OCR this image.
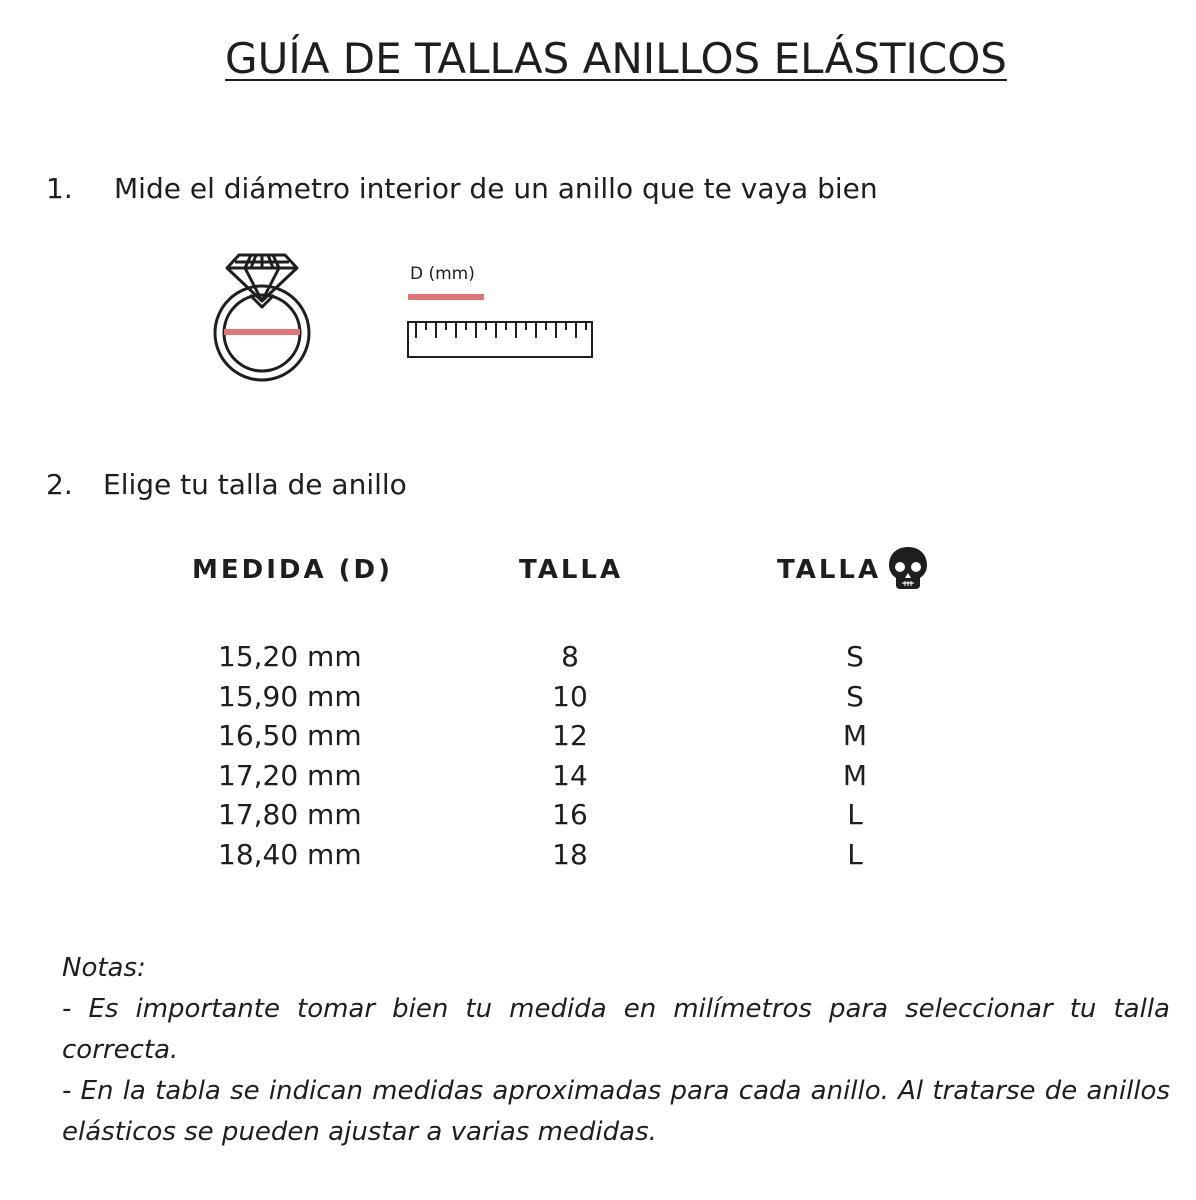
GUÍA DE TALLAS ANILLOS ELÁSTICOS
1. Mide el diámetro interior de un anillo que te vaya bien
D (mm)
2. Elige tu talla de anillo
MEDIDA (D)	TALLA	TALLA
15,20 mm	8	S
15,90 mm	10	S
16,50 mm	12	M
17,20 mm	14	M
17,80 mm	16	L
18,40 mm	18	L

Notas:

- Es importante tomar bien tu medida en milímetros para seleccionar tu talla correcta.

- En la tabla se indican medidas aproximadas para cada anillo. Al tratarse de anillos elásticos se pueden ajustar a varias medidas.
